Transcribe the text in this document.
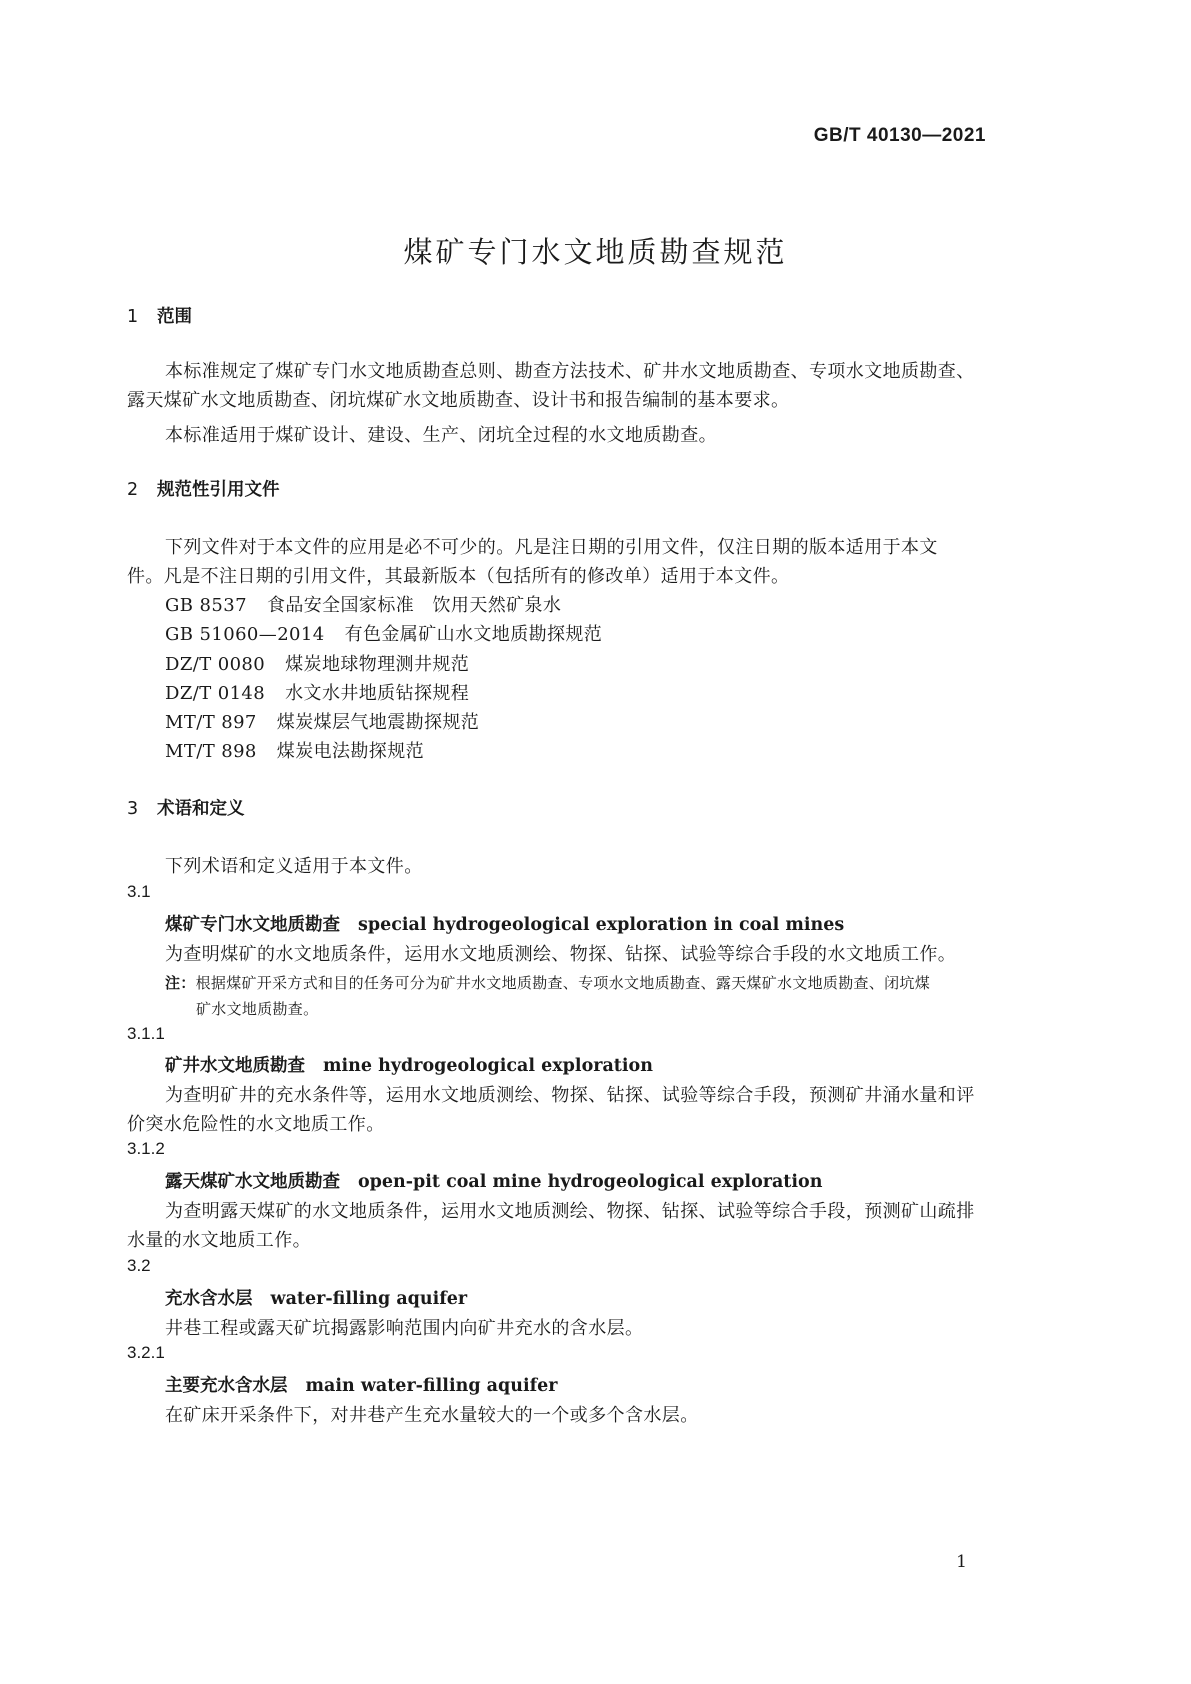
GB/T 40130—2021
煤矿专门水文地质勘查规范
1 范围
本标准规定了煤矿专门水文地质勘查总则、勘查方法技术、矿井水文地质勘查、专项水文地质勘查、
露天煤矿水文地质勘查、闭坑煤矿水文地质勘查、设计书和报告编制的基本要求。
本标准适用于煤矿设计、建设、生产、闭坑全过程的水文地质勘查。
2 规范性引用文件
下列文件对于本文件的应用是必不可少的。凡是注日期的引用文件，仅注日期的版本适用于本文
件。凡是不注日期的引用文件，其最新版本（包括所有的修改单）适用于本文件。
GB 8537 食品安全国家标准　饮用天然矿泉水
GB 51060—2014 有色金属矿山水文地质勘探规范
DZ/T 0080 煤炭地球物理测井规范
DZ/T 0148 水文水井地质钻探规程
MT/T 897 煤炭煤层气地震勘探规范
MT/T 898 煤炭电法勘探规范
3 术语和定义
下列术语和定义适用于本文件。
3.1
煤矿专门水文地质勘查 special hydrogeological exploration in coal mines
为查明煤矿的水文地质条件，运用水文地质测绘、物探、钻探、试验等综合手段的水文地质工作。
注：根据煤矿开采方式和目的任务可分为矿井水文地质勘查、专项水文地质勘查、露天煤矿水文地质勘查、闭坑煤
矿水文地质勘查。
3.1.1
矿井水文地质勘查 mine hydrogeological exploration
为查明矿井的充水条件等，运用水文地质测绘、物探、钻探、试验等综合手段，预测矿井涌水量和评
价突水危险性的水文地质工作。
3.1.2
露天煤矿水文地质勘查 open-pit coal mine hydrogeological exploration
为查明露天煤矿的水文地质条件，运用水文地质测绘、物探、钻探、试验等综合手段，预测矿山疏排
水量的水文地质工作。
3.2
充水含水层 water-filling aquifer
井巷工程或露天矿坑揭露影响范围内向矿井充水的含水层。
3.2.1
主要充水含水层 main water-filling aquifer
在矿床开采条件下，对井巷产生充水量较大的一个或多个含水层。
1
